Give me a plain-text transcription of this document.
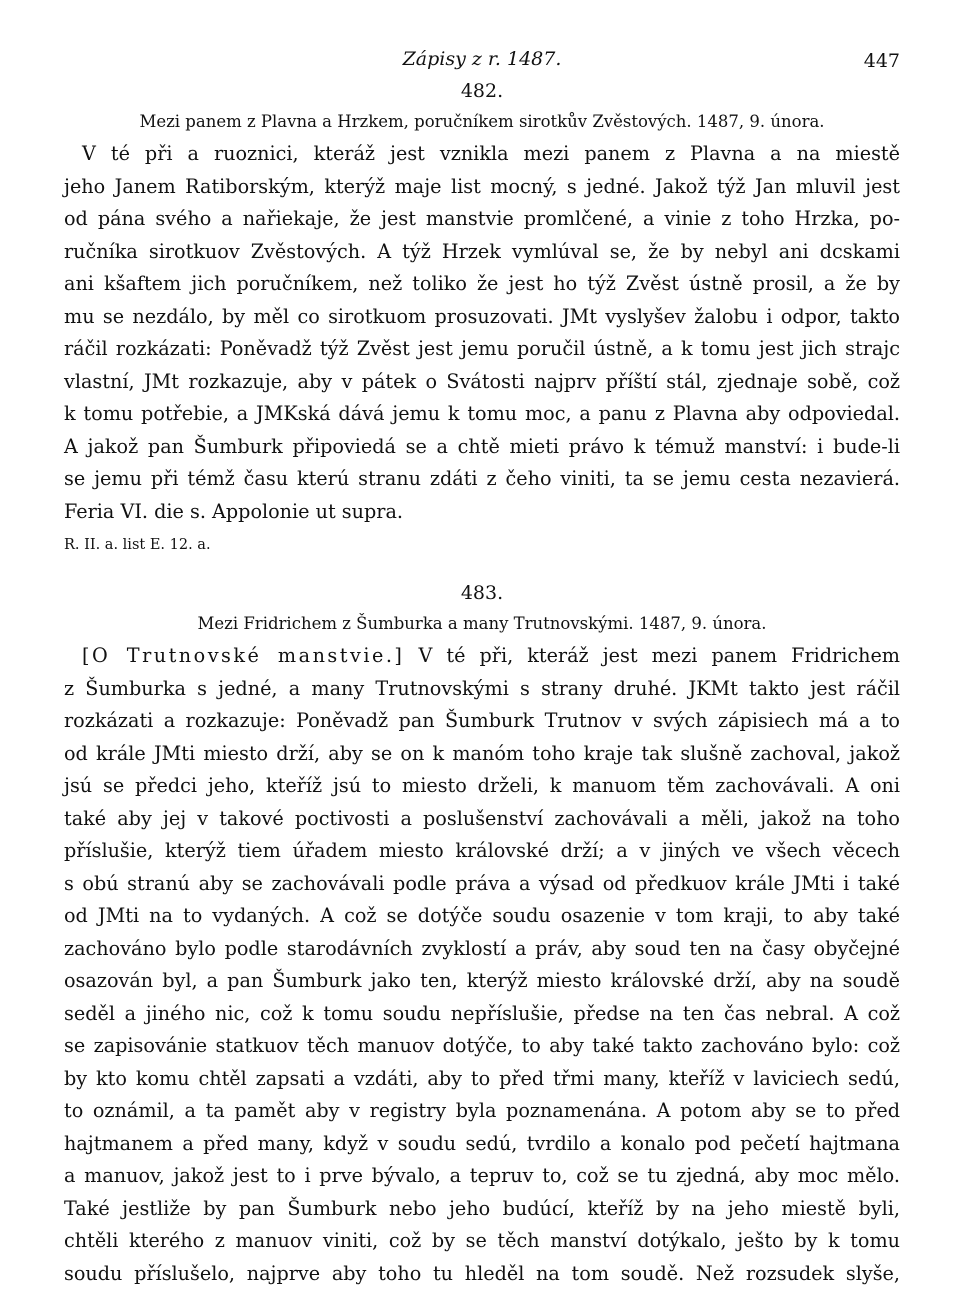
Zápisy z r. 1487.	447
482.
Mezi panem z Plavna a Hrzkem, poručníkem sirotkův Zvěstových. 1487, 9. února.
V té při a ruoznici, kteráž jest vznikla mezi panem z Plavna a na miestě
jeho Janem Ratiborským, kterýž maje list mocný, s jedné. Jakož týž Jan mluvil jest
od pána svého a nařiekaje, že jest manstvie promlčené, a vinie z toho Hrzka, po-
ručníka sirotkuov Zvěstových. A týž Hrzek vymlúval se, že by nebyl ani dcskami
ani kšaftem jich poručníkem, než toliko že jest ho týž Zvěst ústně prosil, a že by
mu se nezdálo, by měl co sirotkuom prosuzovati. JMt vyslyšev žalobu i odpor, takto
ráčil rozkázati: Poněvadž týž Zvěst jest jemu poručil ústně, a k tomu jest jich strajc
vlastní, JMt rozkazuje, aby v pátek o Svátosti najprv příští stál, zjednaje sobě, což
k tomu potřebie, a JMKská dává jemu k tomu moc, a panu z Plavna aby odpoviedal.
A jakož pan Šumburk připoviedá se a chtě mieti právo k témuž manství: i bude-li
se jemu při témž času kterú stranu zdáti z čeho viniti, ta se jemu cesta nezavierá.
Feria VI. die s. Appolonie ut supra.
R. II. a. list E. 12. a.
483.
Mezi Fridrichem z Šumburka a many Trutnovskými. 1487, 9. února.
[O Trutnovské manstvie.] V té při, kteráž jest mezi panem Fridrichem
z Šumburka s jedné, a many Trutnovskými s strany druhé. JKMt takto jest ráčil
rozkázati a rozkazuje: Poněvadž pan Šumburk Trutnov v svých zápisiech má a to
od krále JMti miesto drží, aby se on k manóm toho kraje tak slušně zachoval, jakož
jsú se předci jeho, kteříž jsú to miesto drželi, k manuom těm zachovávali. A oni
také aby jej v takové poctivosti a poslušenství zachovávali a měli, jakož na toho
příslušie, kterýž tiem úřadem miesto královské drží; a v jiných ve všech věcech
s obú stranú aby se zachovávali podle práva a výsad od předkuov krále JMti i také
od JMti na to vydaných. A což se dotýče soudu osazenie v tom kraji, to aby také
zachováno bylo podle starodávních zvyklostí a práv, aby soud ten na časy obyčejné
osazován byl, a pan Šumburk jako ten, kterýž miesto královské drží, aby na soudě
seděl a jiného nic, což k tomu soudu nepříslušie, předse na ten čas nebral. A což
se zapisovánie statkuov těch manuov dotýče, to aby také takto zachováno bylo: což
by kto komu chtěl zapsati a vzdáti, aby to před třmi many, kteříž v laviciech sedú,
to oznámil, a ta pamět aby v registry byla poznamenána. A potom aby se to před
hajtmanem a před many, když v soudu sedú, tvrdilo a konalo pod pečetí hajtmana
a manuov, jakož jest to i prve bývalo, a tepruv to, což se tu zjedná, aby moc mělo.
Také jestliže by pan Šumburk nebo jeho budúcí, kteříž by na jeho miestě byli,
chtěli kterého z manuov viniti, což by se těch manství dotýkalo, ješto by k tomu
soudu příslušelo, najprve aby toho tu hleděl na tom soudě. Než rozsudek slyše,
